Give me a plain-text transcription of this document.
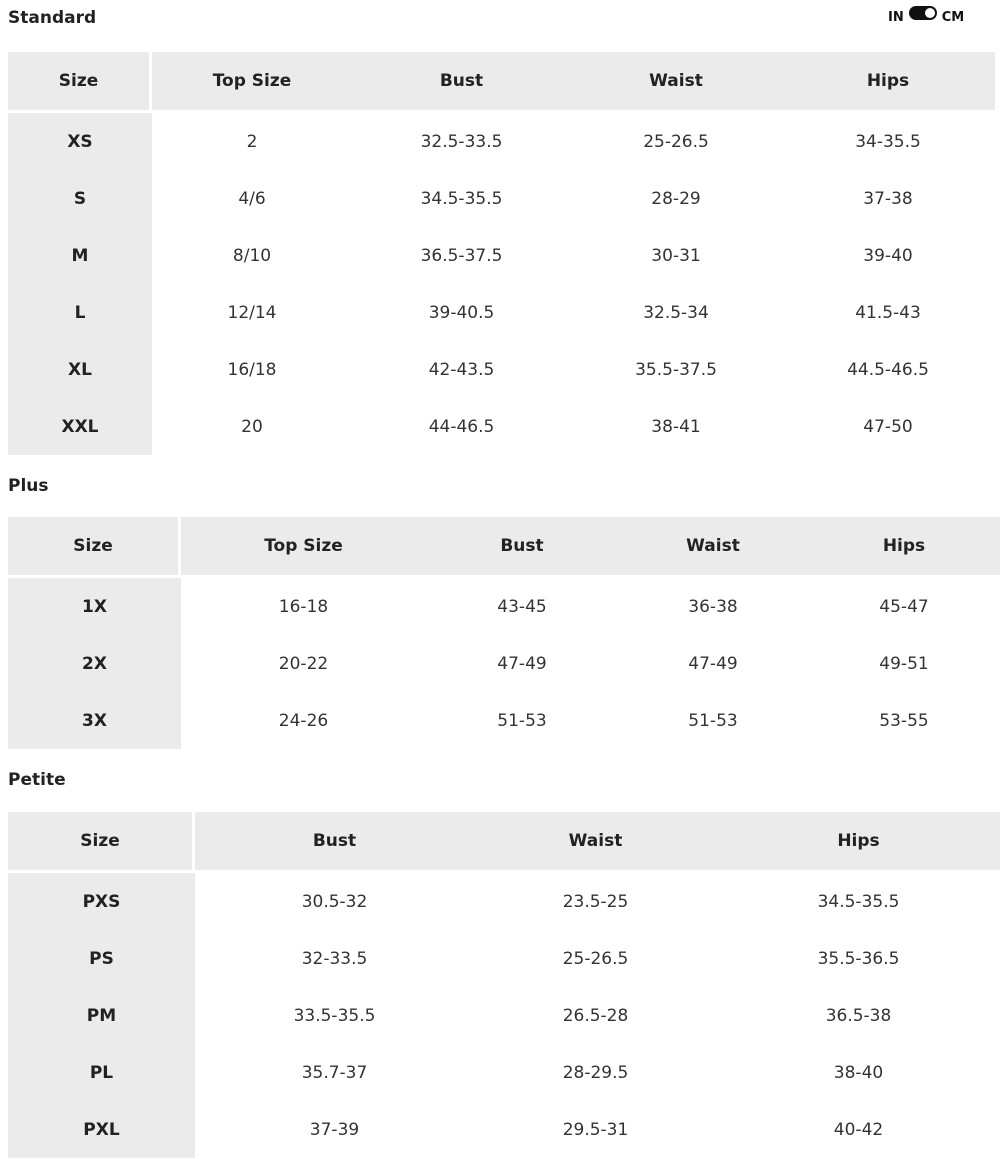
Standard	IN	CM
Size	Top Size	Bust	Waist	Hips
XS	2	32.5-33.5	25-26.5	34-35.5
S	4/6	34.5-35.5	28-29	37-38
M	8/10	36.5-37.5	30-31	39-40
L	12/14	39-40.5	32.5-34	41.5-43
XL	16/18	42-43.5	35.5-37.5	44.5-46.5
XXL	20	44-46.5	38-41	47-50
Plus
Size	Top Size	Bust	Waist	Hips
1X	16-18	43-45	36-38	45-47
2X	20-22	47-49	47-49	49-51
3X	24-26	51-53	51-53	53-55
Petite
Size	Bust	Waist	Hips
PXS	30.5-32	23.5-25	34.5-35.5
PS	32-33.5	25-26.5	35.5-36.5
PM	33.5-35.5	26.5-28	36.5-38
PL	35.7-37	28-29.5	38-40
PXL	37-39	29.5-31	40-42
